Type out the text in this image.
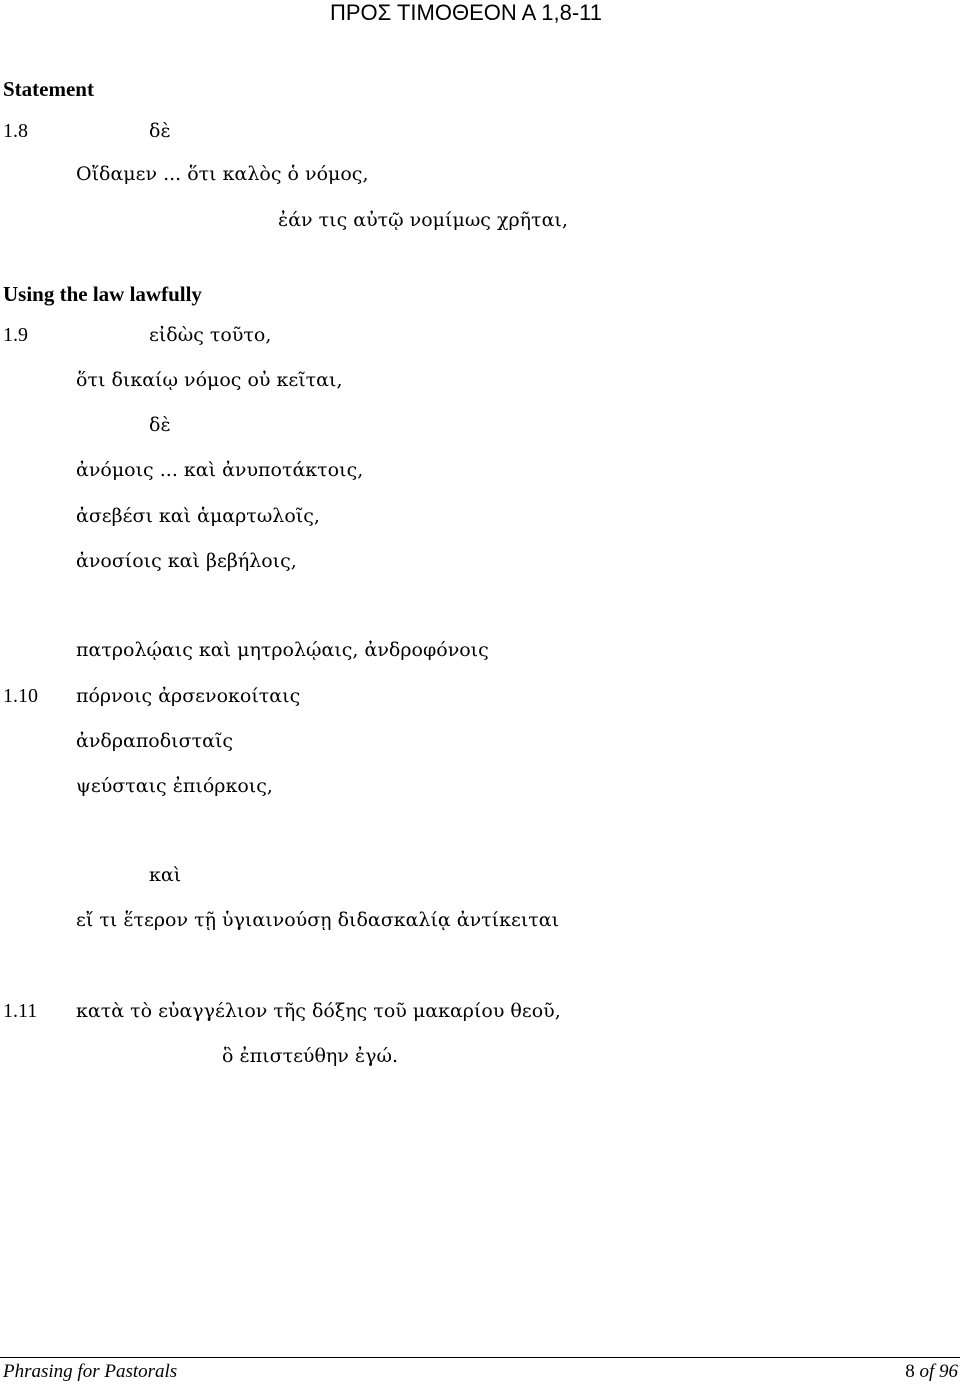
ΠΡΟΣ ΤΙΜΟΘΕΟΝ Α 1,8-11
Statement
1.8	δὲ
Οἴδαμεν ... ὅτι καλὸς ὁ νόμος,
ἐάν τις αὐτῷ νομίμως χρῆται,
Using the law lawfully
1.9	εἰδὼς τοῦτο,
ὅτι δικαίῳ νόμος οὐ κεῖται,
δὲ
ἀνόμοις ... καὶ ἀνυποτάκτοις,
ἀσεβέσι καὶ ἁμαρτωλοῖς,
ἀνοσίοις καὶ βεβήλοις,
πατρολῴαις καὶ μητρολῴαις, ἀνδροφόνοις
1.10 πόρνοις ἀρσενοκοίταις
ἀνδραποδισταῖς
ψεύσταις ἐπιόρκοις,
καὶ
εἴ τι ἕτερον τῇ ὑγιαινούσῃ διδασκαλίᾳ ἀντίκειται
1.11 κατὰ τὸ εὐαγγέλιον τῆς δόξης τοῦ μακαρίου θεοῦ,
ὃ ἐπιστεύθην ἐγώ.
Phrasing for Pastorals	8 of 96
